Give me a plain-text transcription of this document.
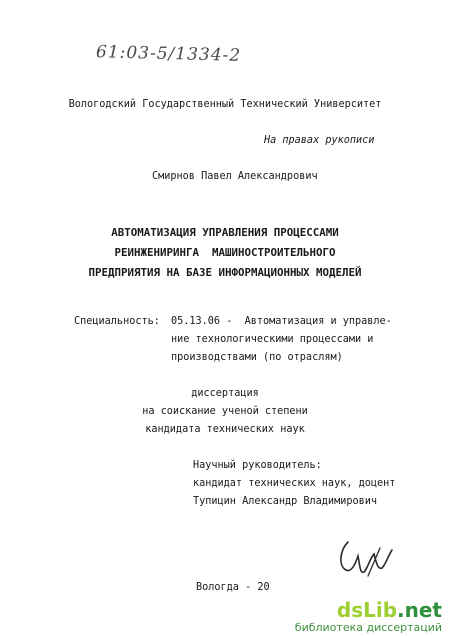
61:03-5/1334-2
Вологодский Государственный Технический Университет
На правах рукописи
Смирнов Павел Александрович
АВТОМАТИЗАЦИЯ УПРАВЛЕНИЯ ПРОЦЕССАМИ
РЕИНЖЕНИРИНГА  МАШИНОСТРОИТЕЛЬНОГО
ПРЕДПРИЯТИЯ НА БАЗЕ ИНФОРМАЦИОННЫХ МОДЕЛЕЙ
Специальность: 05.13.06 -  Автоматизация и управле-
ние технологическими процессами и
производствами (по отраслям)
диссертация
на соискание ученой степени
кандидата технических наук
Научный руководитель:
кандидат технических наук, доцент
Тупицин Александр Владимирович
Вологда - 20
dsLib.net
библиотека диссертаций
